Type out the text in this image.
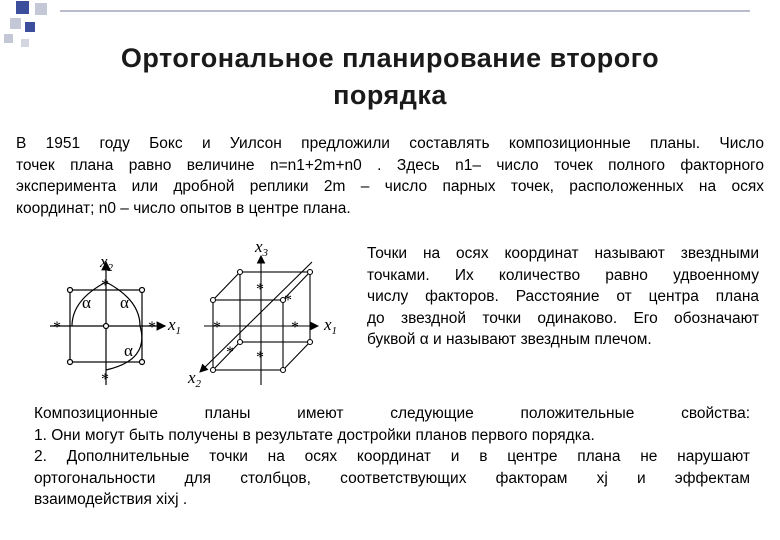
Ортогональное планирование второго
порядка
В 1951 году Бокс и Уилсон предложили составлять композиционные планы. Число
точек плана равно величине n=n1+2m+n0 . Здесь n1– число точек полного факторного
эксперимента или дробной реплики 2m – число парных точек, расположенных на осях
координат; n0 – число опытов в центре плана.
Точки на осях координат называют звездными
точками. Их количество равно удвоенному
числу факторов. Расстояние от центра плана
до звездной точки одинаково. Его обозначают
буквой α и называют звездным плечом.
Композиционные планы имеют следующие положительные свойства:
1. Они могут быть получены в результате достройки планов первого порядка.
2. Дополнительные точки на осях координат и в центре плана не нарушают
ортогональности для столбцов, соответствующих факторам xj и эффектам
взаимодействия xixj .
*
*
*	*
α α
α
$x_1$
$x_2$
*
*
*	*
*
*
$x_3$
$x_1$
$x_2$
